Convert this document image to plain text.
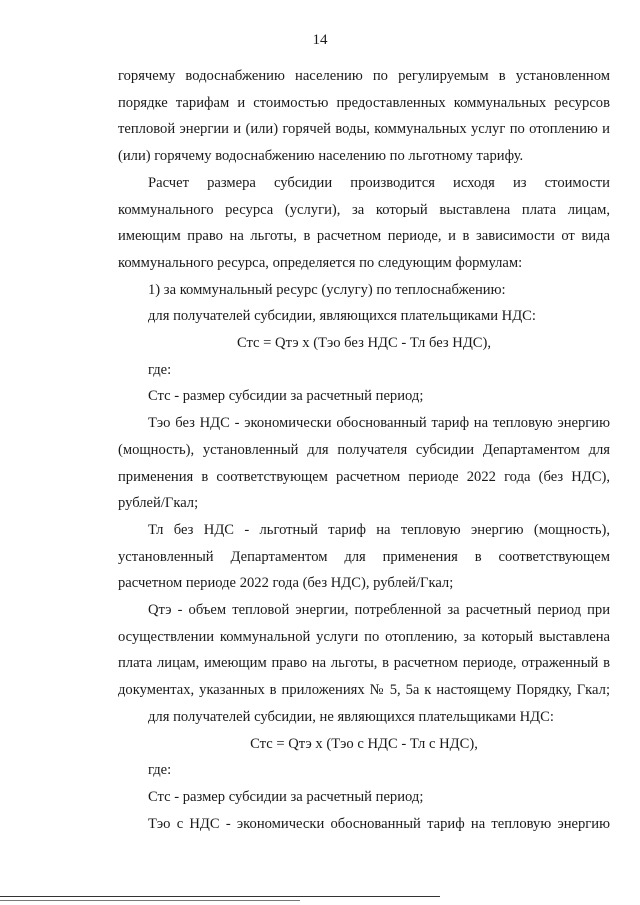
14

горячему водоснабжению населению по регулируемым в установленном

порядке тарифам и стоимостью предоставленных коммунальных ресурсов

тепловой энергии и (или) горячей воды, коммунальных услуг по отоплению и

(или) горячему водоснабжению населению по льготному тарифу.

Расчет размера субсидии производится исходя из стоимости

коммунального ресурса (услуги), за который выставлена плата лицам,

имеющим право на льготы, в расчетном периоде, и в зависимости от вида

коммунального ресурса, определяется по следующим формулам:

1) за коммунальный ресурс (услугу) по теплоснабжению:

для получателей субсидии, являющихся плательщиками НДС:

Стс = Qтэ x (Тэо без НДС - Тл без НДС),

где:

Стс - размер субсидии за расчетный период;

Тэо без НДС - экономически обоснованный тариф на тепловую энергию

(мощность), установленный для получателя субсидии Департаментом для

применения в соответствующем расчетном периоде 2022 года (без НДС),

рублей/Гкал;

Тл без НДС - льготный тариф на тепловую энергию (мощность),

установленный Департаментом для применения в соответствующем

расчетном периоде 2022 года (без НДС), рублей/Гкал;

Qтэ - объем тепловой энергии, потребленной за расчетный период при

осуществлении коммунальной услуги по отоплению, за который выставлена

плата лицам, имеющим право на льготы, в расчетном периоде, отраженный в

документах, указанных в приложениях № 5, 5а к настоящему Порядку, Гкал;

для получателей субсидии, не являющихся плательщиками НДС:

Стс = Qтэ x (Тэо с НДС - Тл с НДС),

где:

Стс - размер субсидии за расчетный период;

Тэо с НДС - экономически обоснованный тариф на тепловую энергию
